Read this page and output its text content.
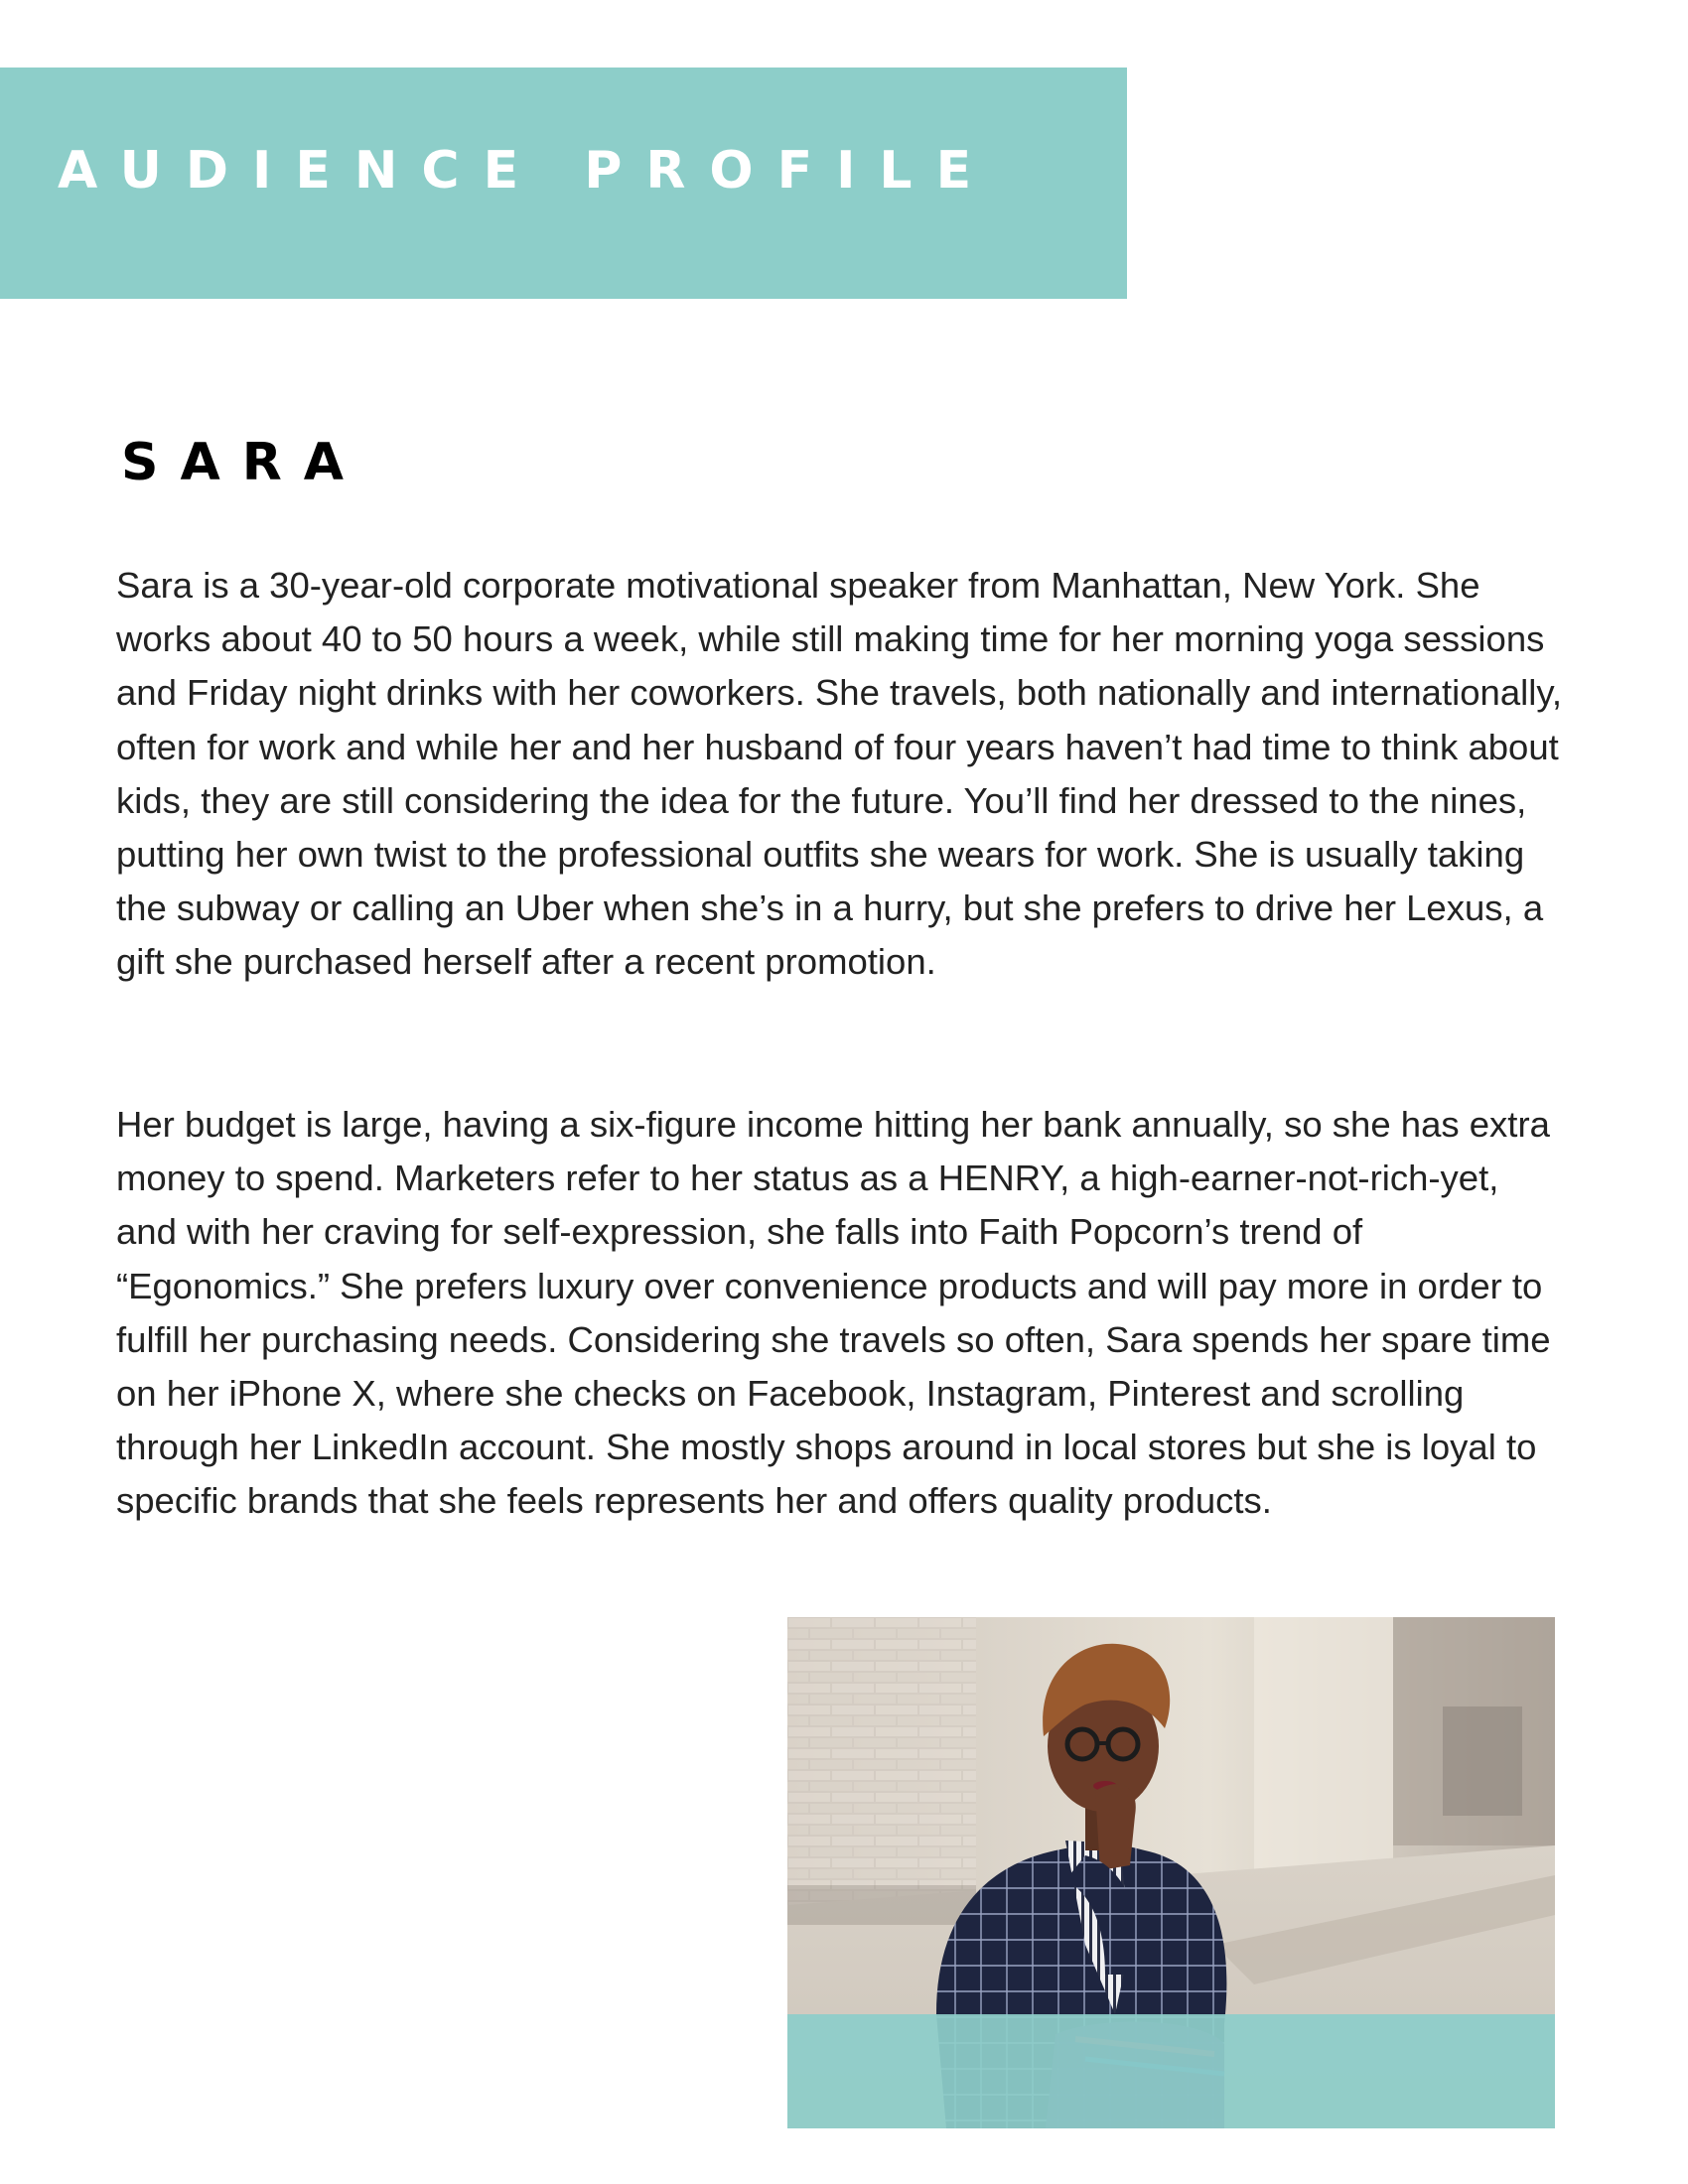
AUDIENCE PROFILE
SARA

Sara is a 30-year-old corporate motivational speaker from Manhattan, New York. She works about 40 to 50 hours a week, while still making time for her morning yoga sessions and Friday night drinks with her coworkers. She travels, both nationally and internationally, often for work and while her and her husband of four years haven’t had time to think about kids, they are still considering the idea for the future. You’ll find her dressed to the nines, putting her own twist to the professional outfits she wears for work. She is usually taking the subway or calling an Uber when she’s in a hurry, but she prefers to drive her Lexus, a gift she purchased herself after a recent promotion.

Her budget is large, having a six-figure income hitting her bank annually, so she has extra money to spend. Marketers refer to her status as a HENRY, a high-earner-not-rich-yet, and with her craving for self-expression, she falls into Faith Popcorn’s trend of “Egonomics.” She prefers luxury over convenience products and will pay more in order to fulfill her purchasing needs. Considering she travels so often, Sara spends her spare time on her iPhone X, where she checks on Facebook, Instagram, Pinterest and scrolling through her LinkedIn account. She mostly shops around in local stores but she is loyal to specific brands that she feels represents her and offers quality products.
